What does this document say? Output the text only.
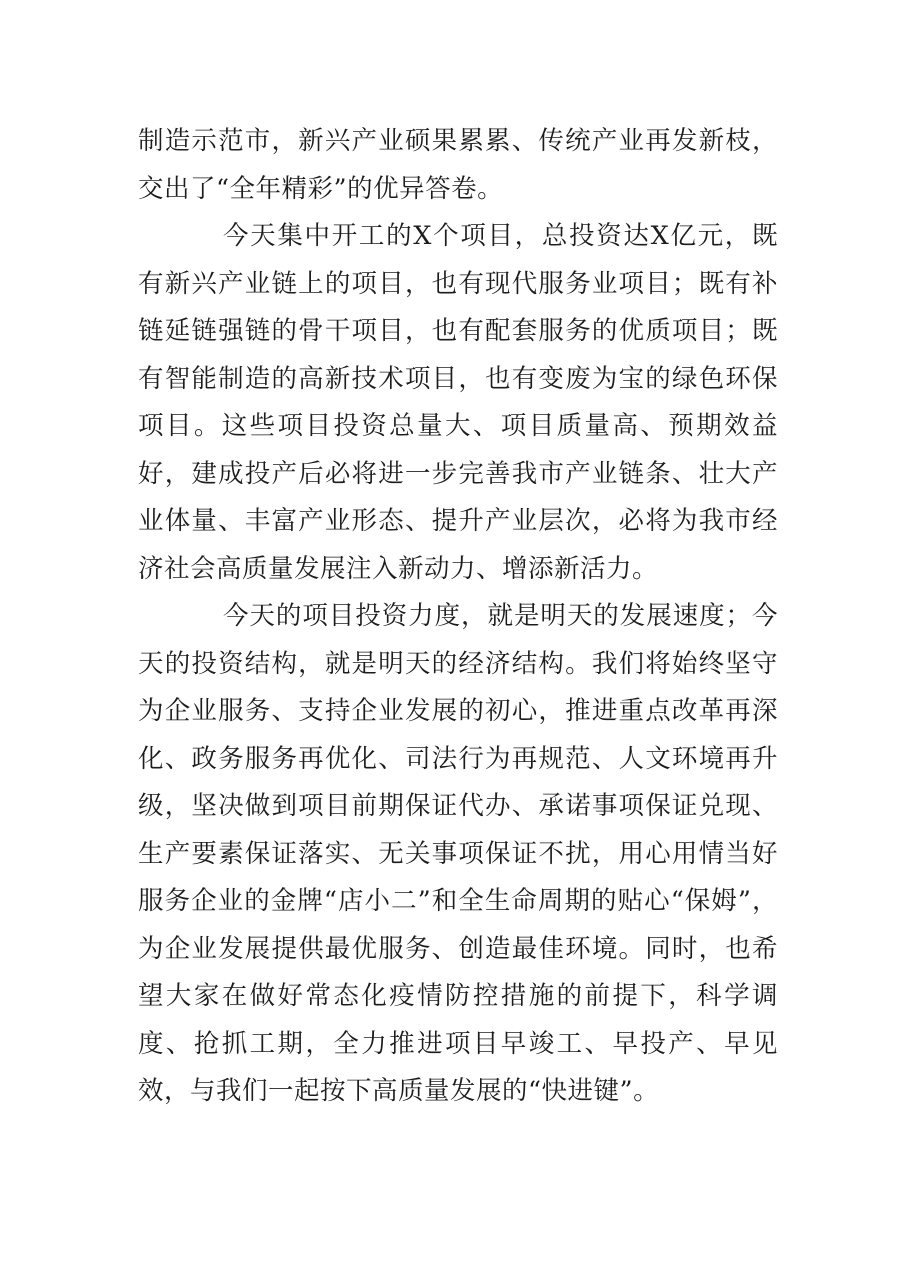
制造示范市，新兴产业硕果累累、传统产业再发新枝，交出了“全年精彩”的优异答卷。

今天集中开工的X个项目，总投资达X亿元，既有新兴产业链上的项目，也有现代服务业项目；既有补链延链强链的骨干项目，也有配套服务的优质项目；既有智能制造的高新技术项目，也有变废为宝的绿色环保项目。这些项目投资总量大、项目质量高、预期效益好，建成投产后必将进一步完善我市产业链条、壮大产业体量、丰富产业形态、提升产业层次，必将为我市经济社会高质量发展注入新动力、增添新活力。

今天的项目投资力度，就是明天的发展速度；今天的投资结构，就是明天的经济结构。我们将始终坚守为企业服务、支持企业发展的初心，推进重点改革再深化、政务服务再优化、司法行为再规范、人文环境再升级，坚决做到项目前期保证代办、承诺事项保证兑现、生产要素保证落实、无关事项保证不扰，用心用情当好服务企业的金牌“店小二”和全生命周期的贴心“保姆”，为企业发展提供最优服务、创造最佳环境。同时，也希望大家在做好常态化疫情防控措施的前提下，科学调度、抢抓工期，全力推进项目早竣工、早投产、早见效，与我们一起按下高质量发展的“快进键”。
